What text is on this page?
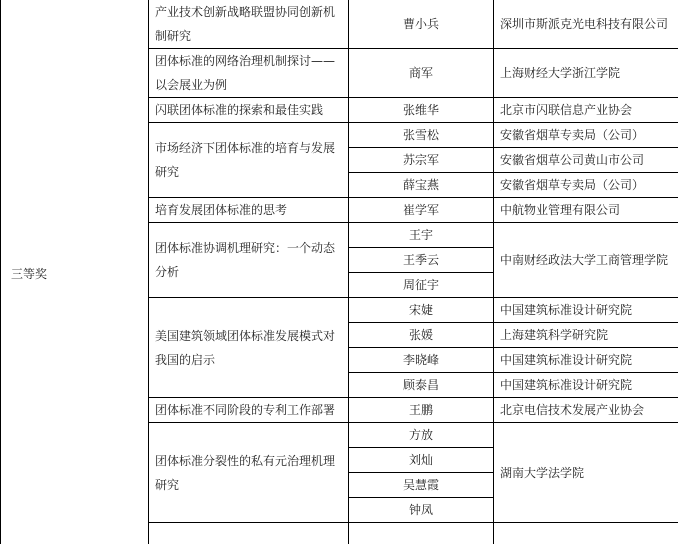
三等奖	产业技术创新战略联盟协同创新机制研究	曹小兵	深圳市斯派克光电科技有限公司
	团体标准的网络治理机制探讨——以会展业为例	商军	上海财经大学浙江学院
	闪联团体标准的探索和最佳实践	张维华	北京市闪联信息产业协会
	市场经济下团体标准的培育与发展研究	张雪松	安徽省烟草专卖局（公司）
		苏宗军	安徽省烟草公司黄山市公司
		薛宝燕	安徽省烟草专卖局（公司）
	培育发展团体标准的思考	崔学军	中航物业管理有限公司
	团体标准协调机理研究：一个动态分析	王宇	中南财经政法大学工商管理学院
		王季云	
		周征宇	
	美国建筑领域团体标准发展模式对我国的启示	宋婕	中国建筑标准设计研究院
		张媛	上海建筑科学研究院
		李晓峰	中国建筑标准设计研究院
		顾泰昌	中国建筑标准设计研究院
	团体标准不同阶段的专利工作部署	王鹏	北京电信技术发展产业协会
	团体标准分裂性的私有元治理机理研究	方放	湖南大学法学院
		刘灿	
		吴慧霞	
		钟凤	
